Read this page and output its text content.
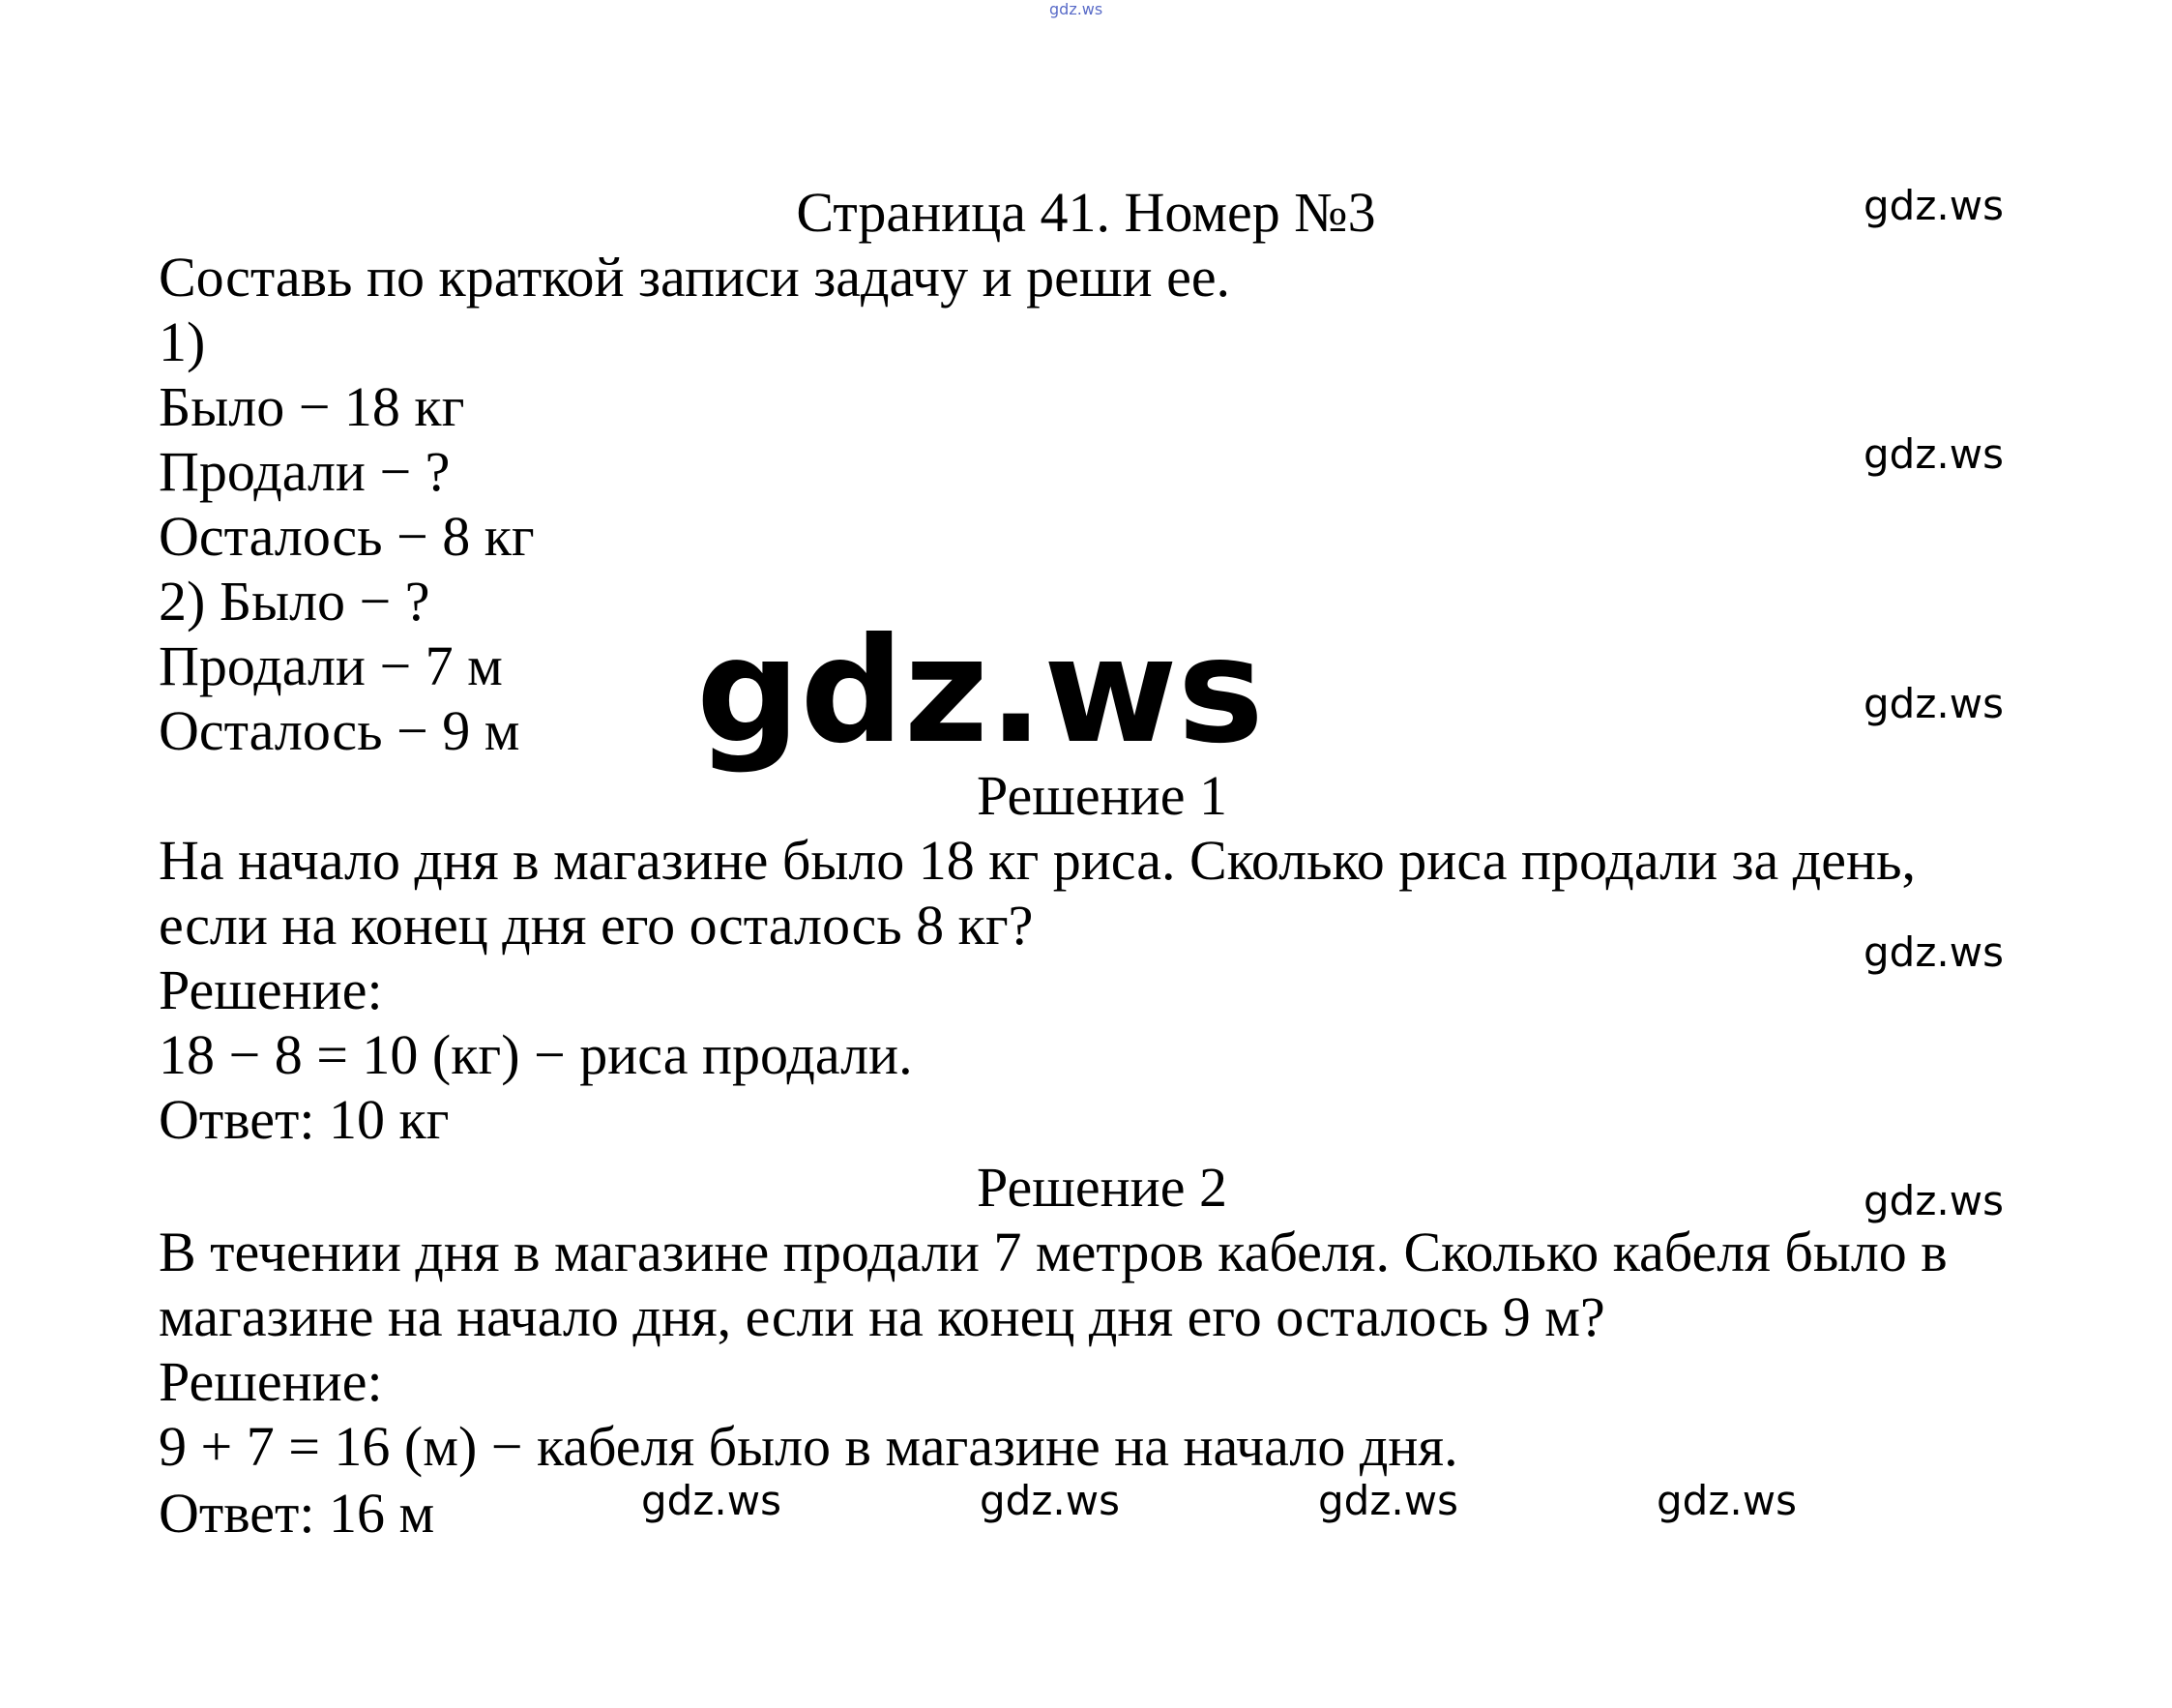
gdz.ws
Страница 41. Номер №3
Составь по краткой записи задачу и реши ее.
1)
Было − 18 кг
Продали − ?
Осталось − 8 кг
2) Было − ?
Продали − 7 м
Осталось − 9 м gdz.ws
Решение 1
На начало дня в магазине было 18 кг риса. Сколько риса продали за день,
если на конец дня его осталось 8 кг?
Решение:
18 − 8 = 10 (кг) − риса продали.
Ответ: 10 кг
Решение 2
В течении дня в магазине продали 7 метров кабеля. Сколько кабеля было в
магазине на начало дня, если на конец дня его осталось 9 м?
Решение:
9 + 7 = 16 (м) − кабеля было в магазине на начало дня.
Ответ: 16 м
gdz.ws
gdz.ws
gdz.ws
gdz.ws
gdz.ws
gdz.ws	gdz.ws	gdz.ws	gdz.ws
